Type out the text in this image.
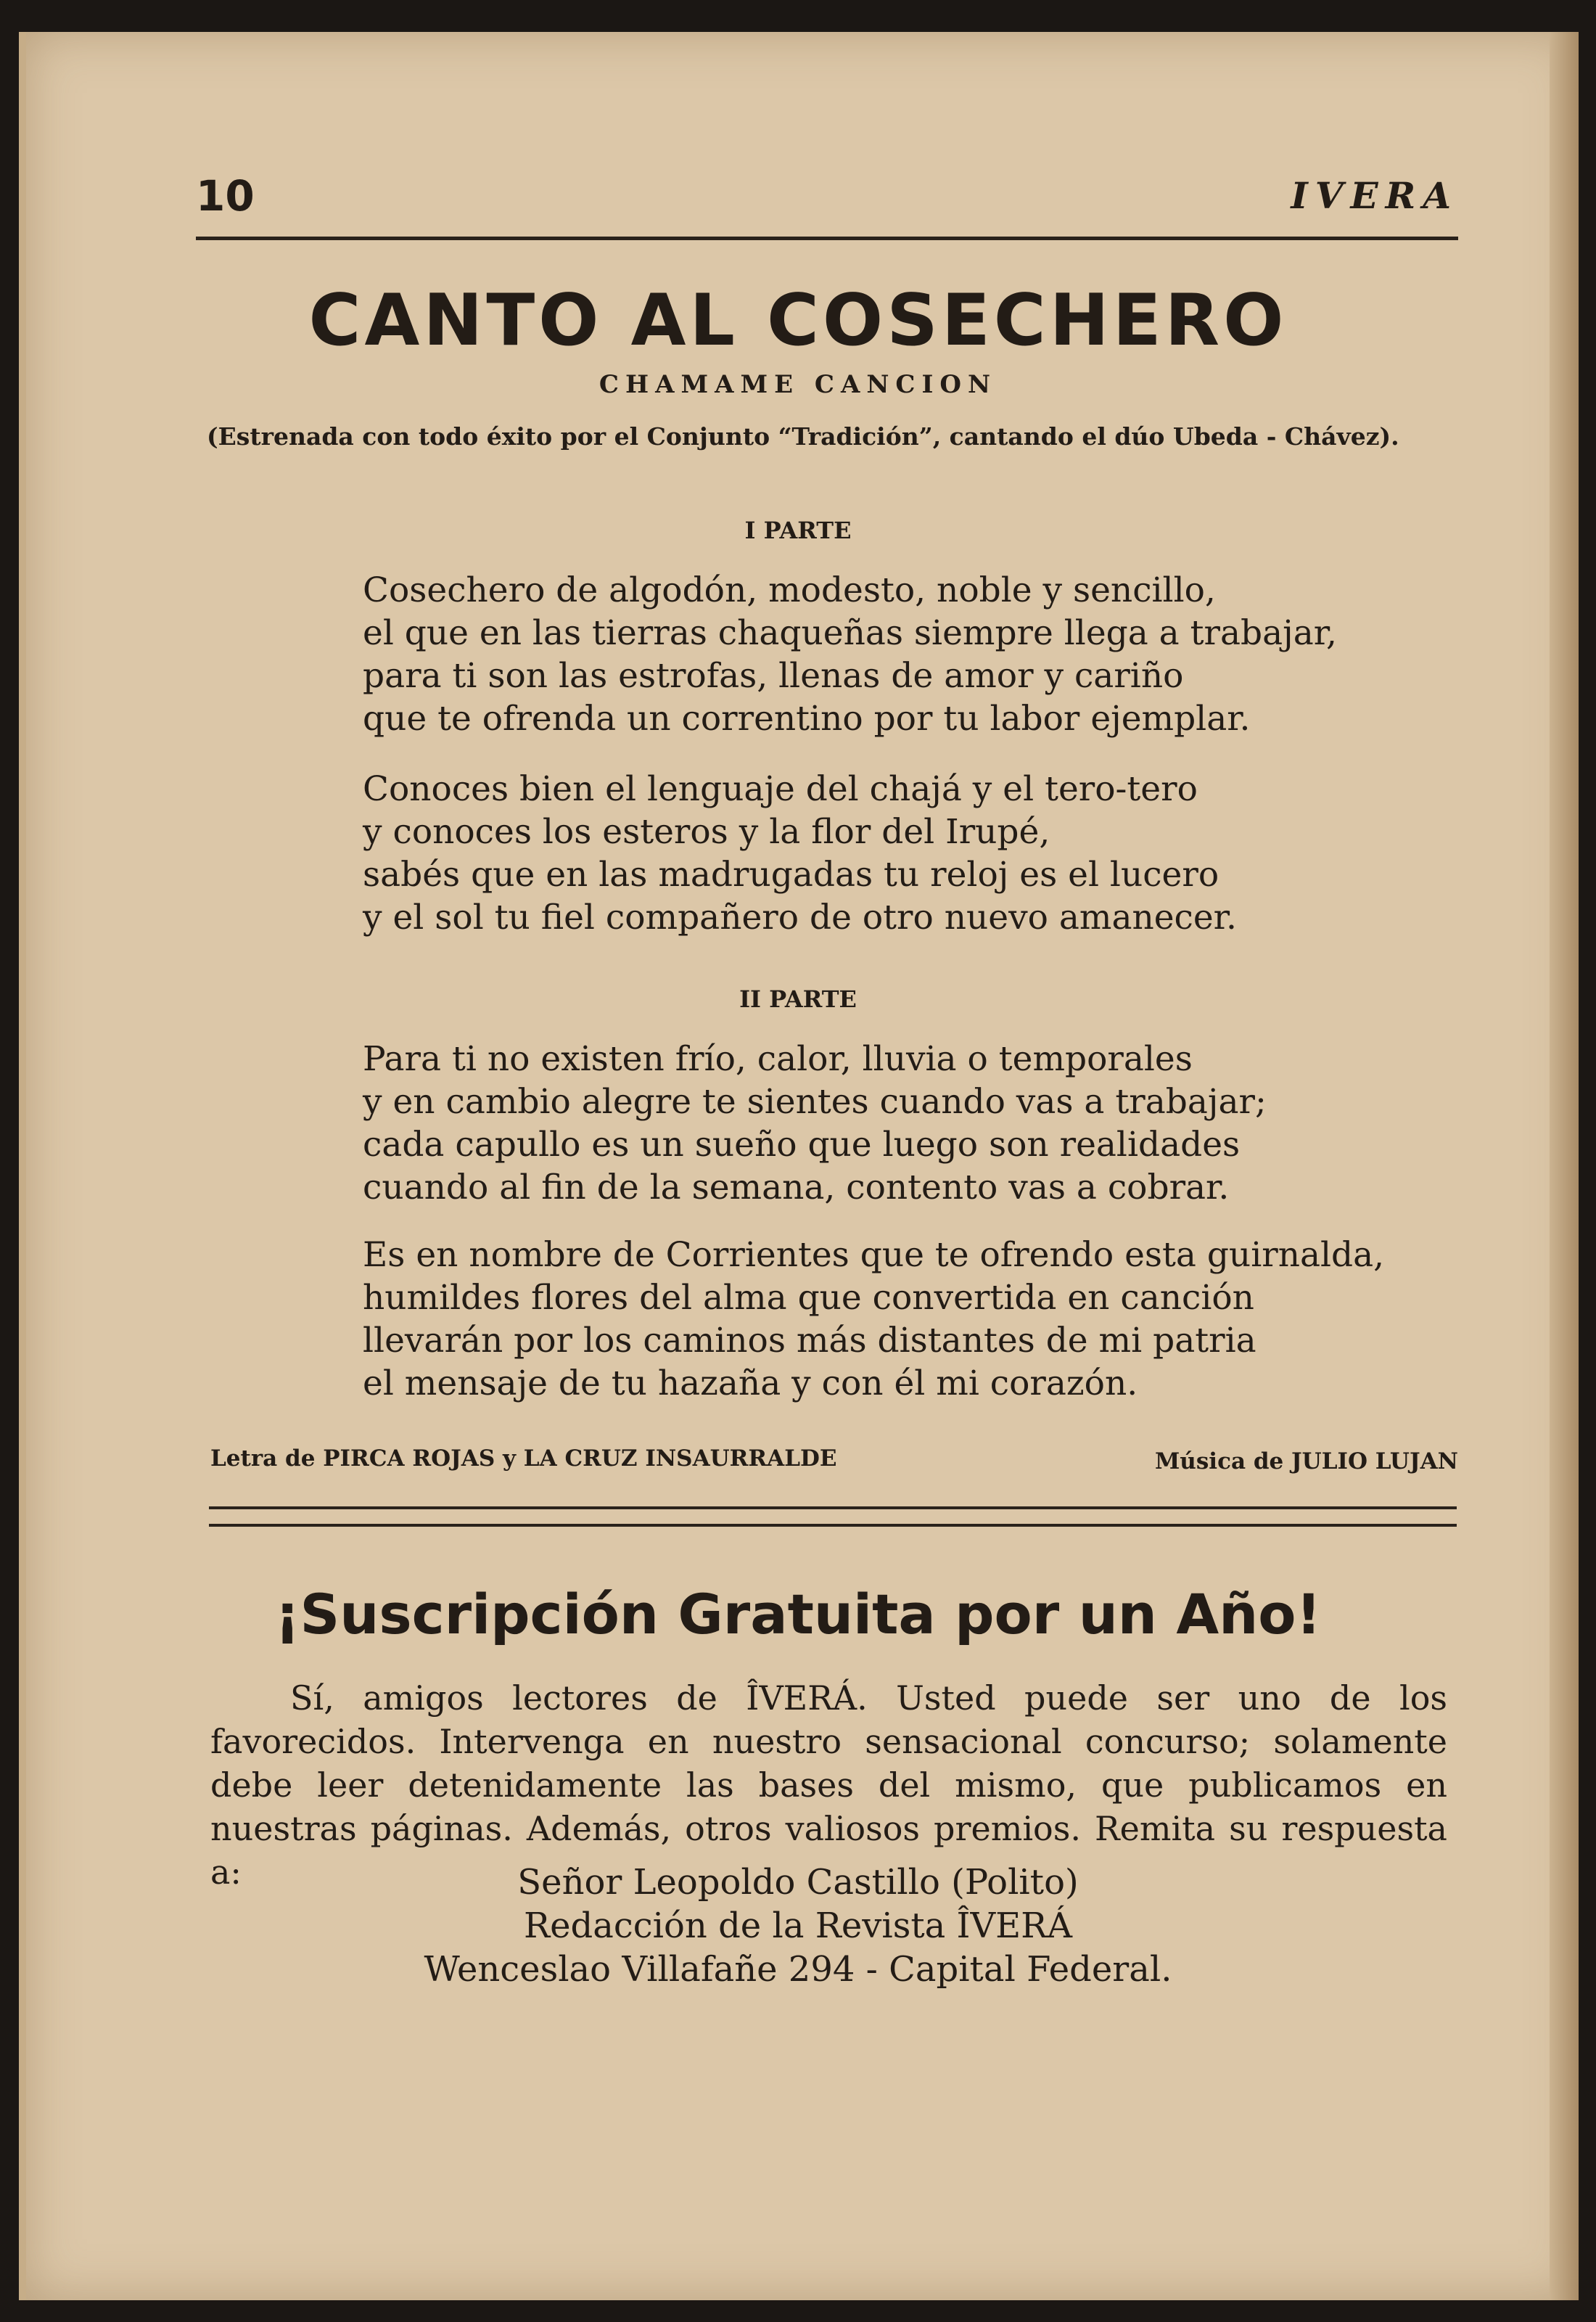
10	IVERA
CANTO AL COSECHERO
CHAMAME CANCION
(Estrenada con todo éxito por el Conjunto “Tradición”, cantando el dúo Ubeda - Chávez).
I PARTE
Cosechero de algodón, modesto, noble y sencillo,
el que en las tierras chaqueñas siempre llega a trabajar,
para ti son las estrofas, llenas de amor y cariño
que te ofrenda un correntino por tu labor ejemplar.
Conoces bien el lenguaje del chajá y el tero-tero
y conoces los esteros y la flor del Irupé,
sabés que en las madrugadas tu reloj es el lucero
y el sol tu fiel compañero de otro nuevo amanecer.
II PARTE
Para ti no existen frío, calor, lluvia o temporales
y en cambio alegre te sientes cuando vas a trabajar;
cada capullo es un sueño que luego son realidades
cuando al fin de la semana, contento vas a cobrar.
Es en nombre de Corrientes que te ofrendo esta guirnalda,
humildes flores del alma que convertida en canción
llevarán por los caminos más distantes de mi patria
el mensaje de tu hazaña y con él mi corazón.
Letra de PIRCA ROJAS y LA CRUZ INSAURRALDE	Música de JULIO LUJAN
¡Suscripción Gratuita por un Año!

Sí, amigos lectores de ÎVERÁ. Usted puede ser uno de los favorecidos. Intervenga en nuestro sensacional concurso; solamente debe leer detenidamente las bases del mismo, que publicamos en nuestras páginas. Además, otros valiosos premios. Remita su respuesta a:	Señor Leopoldo Castillo (Polito)
Redacción de la Revista ÎVERÁ
Wenceslao Villafañe 294 - Capital Federal.
